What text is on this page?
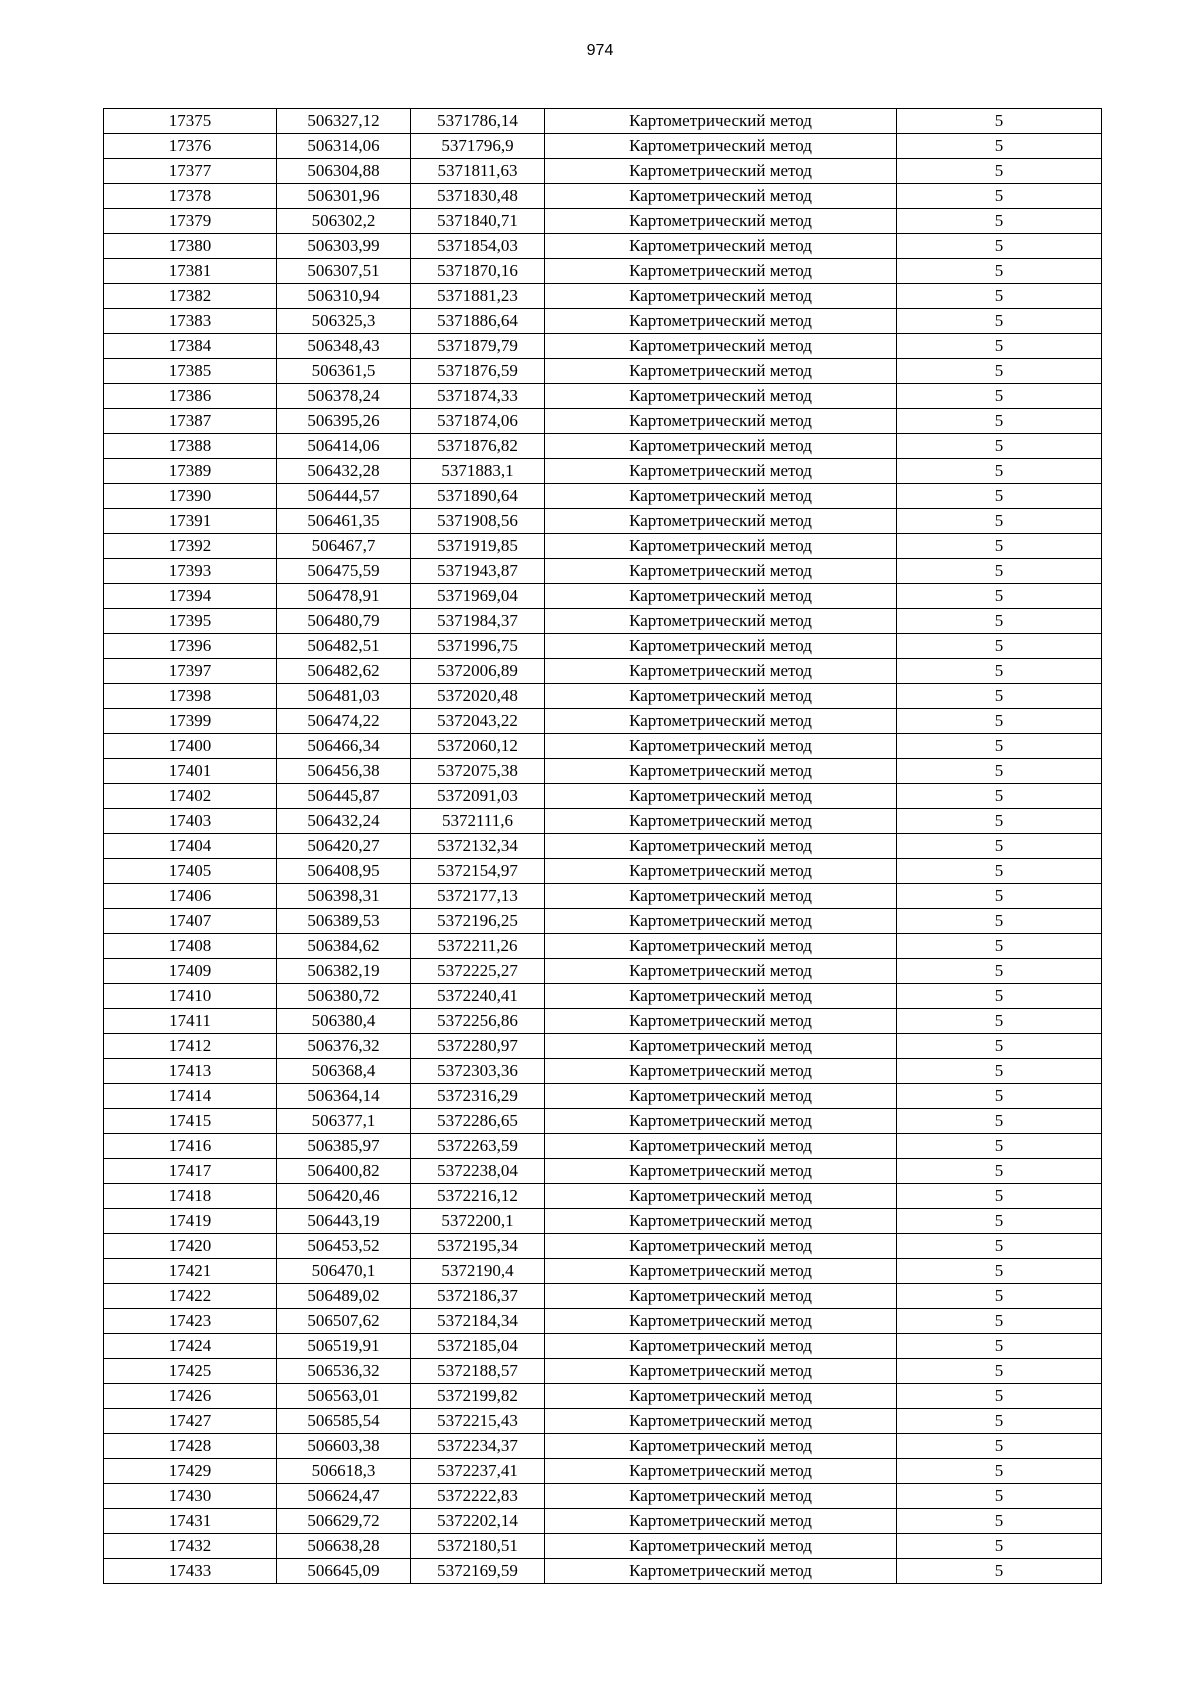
974
17375	506327,12	5371786,14	Картометрический метод	5
17376	506314,06	5371796,9	Картометрический метод	5
17377	506304,88	5371811,63	Картометрический метод	5
17378	506301,96	5371830,48	Картометрический метод	5
17379	506302,2	5371840,71	Картометрический метод	5
17380	506303,99	5371854,03	Картометрический метод	5
17381	506307,51	5371870,16	Картометрический метод	5
17382	506310,94	5371881,23	Картометрический метод	5
17383	506325,3	5371886,64	Картометрический метод	5
17384	506348,43	5371879,79	Картометрический метод	5
17385	506361,5	5371876,59	Картометрический метод	5
17386	506378,24	5371874,33	Картометрический метод	5
17387	506395,26	5371874,06	Картометрический метод	5
17388	506414,06	5371876,82	Картометрический метод	5
17389	506432,28	5371883,1	Картометрический метод	5
17390	506444,57	5371890,64	Картометрический метод	5
17391	506461,35	5371908,56	Картометрический метод	5
17392	506467,7	5371919,85	Картометрический метод	5
17393	506475,59	5371943,87	Картометрический метод	5
17394	506478,91	5371969,04	Картометрический метод	5
17395	506480,79	5371984,37	Картометрический метод	5
17396	506482,51	5371996,75	Картометрический метод	5
17397	506482,62	5372006,89	Картометрический метод	5
17398	506481,03	5372020,48	Картометрический метод	5
17399	506474,22	5372043,22	Картометрический метод	5
17400	506466,34	5372060,12	Картометрический метод	5
17401	506456,38	5372075,38	Картометрический метод	5
17402	506445,87	5372091,03	Картометрический метод	5
17403	506432,24	5372111,6	Картометрический метод	5
17404	506420,27	5372132,34	Картометрический метод	5
17405	506408,95	5372154,97	Картометрический метод	5
17406	506398,31	5372177,13	Картометрический метод	5
17407	506389,53	5372196,25	Картометрический метод	5
17408	506384,62	5372211,26	Картометрический метод	5
17409	506382,19	5372225,27	Картометрический метод	5
17410	506380,72	5372240,41	Картометрический метод	5
17411	506380,4	5372256,86	Картометрический метод	5
17412	506376,32	5372280,97	Картометрический метод	5
17413	506368,4	5372303,36	Картометрический метод	5
17414	506364,14	5372316,29	Картометрический метод	5
17415	506377,1	5372286,65	Картометрический метод	5
17416	506385,97	5372263,59	Картометрический метод	5
17417	506400,82	5372238,04	Картометрический метод	5
17418	506420,46	5372216,12	Картометрический метод	5
17419	506443,19	5372200,1	Картометрический метод	5
17420	506453,52	5372195,34	Картометрический метод	5
17421	506470,1	5372190,4	Картометрический метод	5
17422	506489,02	5372186,37	Картометрический метод	5
17423	506507,62	5372184,34	Картометрический метод	5
17424	506519,91	5372185,04	Картометрический метод	5
17425	506536,32	5372188,57	Картометрический метод	5
17426	506563,01	5372199,82	Картометрический метод	5
17427	506585,54	5372215,43	Картометрический метод	5
17428	506603,38	5372234,37	Картометрический метод	5
17429	506618,3	5372237,41	Картометрический метод	5
17430	506624,47	5372222,83	Картометрический метод	5
17431	506629,72	5372202,14	Картометрический метод	5
17432	506638,28	5372180,51	Картометрический метод	5
17433	506645,09	5372169,59	Картометрический метод	5
